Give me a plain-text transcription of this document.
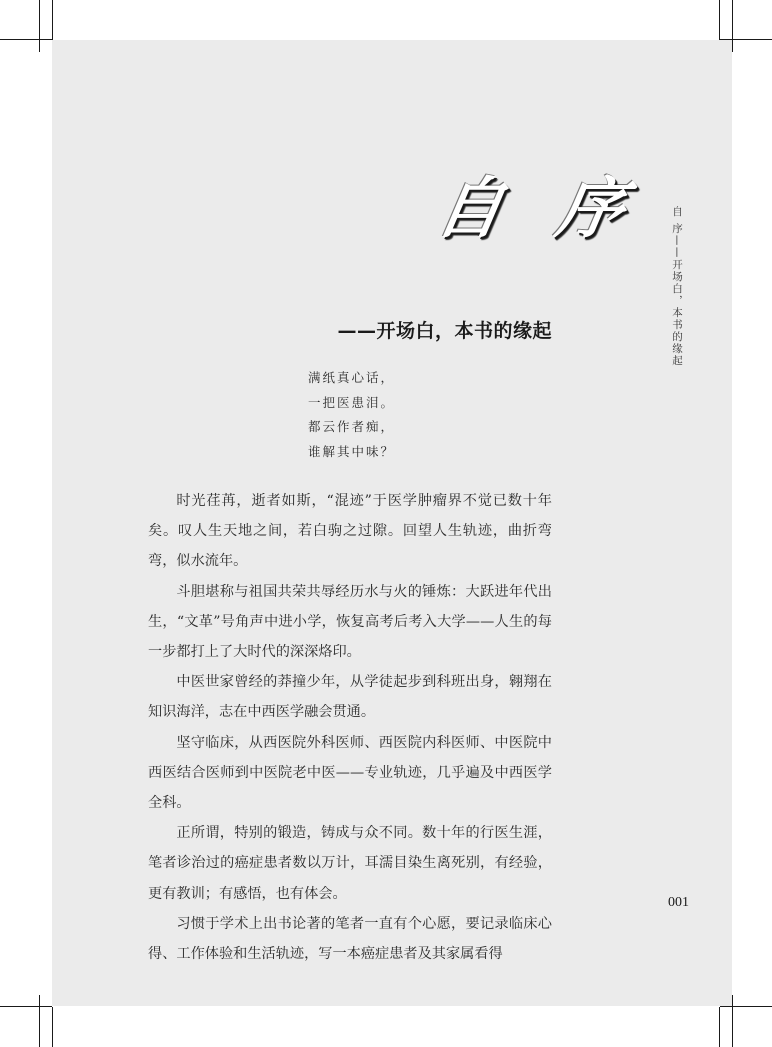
自 序
——开场白，本书的缘起
满纸真心话，
一把医患泪。
都云作者痴，
谁解其中味？

时光荏苒，逝者如斯，“混迹”于医学肿瘤界不觉已数十年矣。叹人生天地之间，若白驹之过隙。回望人生轨迹，曲折弯弯，似水流年。

斗胆堪称与祖国共荣共辱经历水与火的锤炼：大跃进年代出生，“文革”号角声中进小学，恢复高考后考入大学——人生的每一步都打上了大时代的深深烙印。

中医世家曾经的莽撞少年，从学徒起步到科班出身，翱翔在知识海洋，志在中西医学融会贯通。

坚守临床，从西医院外科医师、西医院内科医师、中医院中西医结合医师到中医院老中医——专业轨迹，几乎遍及中西医学全科。

正所谓，特别的锻造，铸成与众不同。数十年的行医生涯，笔者诊治过的癌症患者数以万计，耳濡目染生离死别，有经验，更有教训；有感悟，也有体会。

习惯于学术上出书论著的笔者一直有个心愿，要记录临床心得、工作体验和生活轨迹，写一本癌症患者及其家属看得

自 序——开场白，本书的缘起
001
